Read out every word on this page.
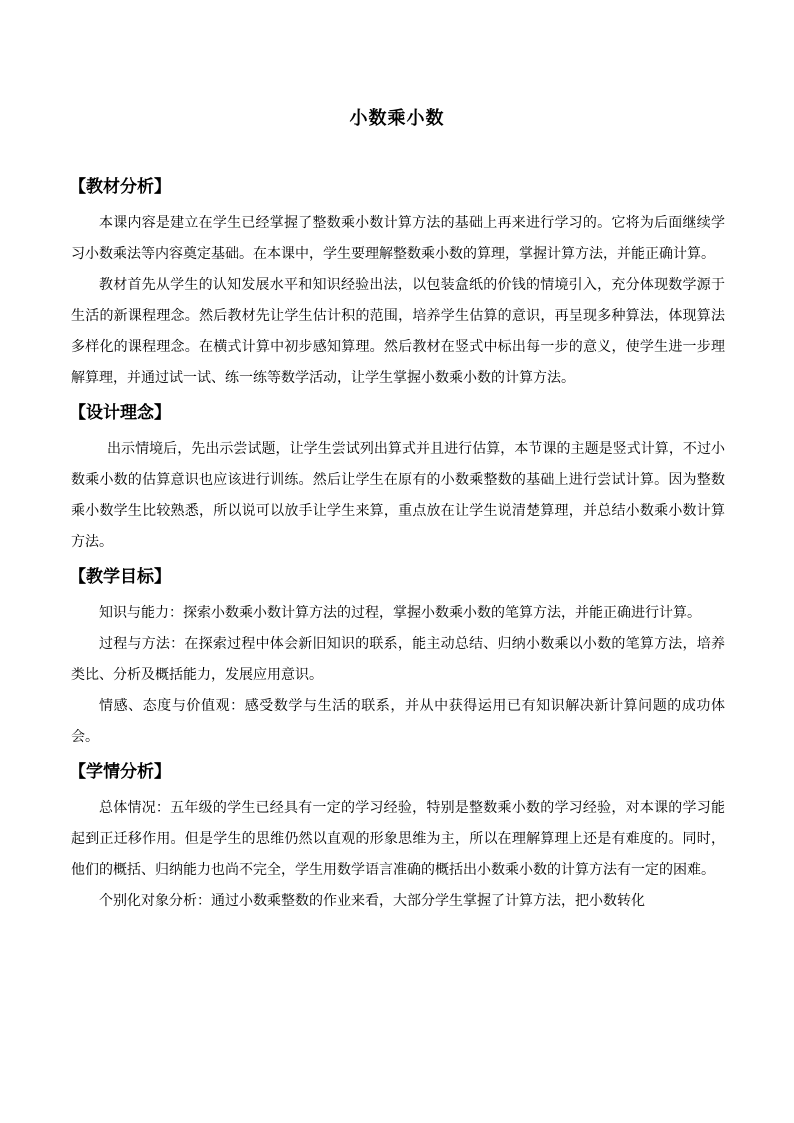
小数乘小数
【教材分析】

本课内容是建立在学生已经掌握了整数乘小数计算方法的基础上再来进行学习的。它将为后面继续学习小数乘法等内容奠定基础。在本课中，学生要理解整数乘小数的算理，掌握计算方法，并能正确计算。

教材首先从学生的认知发展水平和知识经验出法，以包装盒纸的价钱的情境引入，充分体现数学源于生活的新课程理念。然后教材先让学生估计积的范围，培养学生估算的意识，再呈现多种算法，体现算法多样化的课程理念。在横式计算中初步感知算理。然后教材在竖式中标出每一步的意义，使学生进一步理解算理，并通过试一试、练一练等数学活动，让学生掌握小数乘小数的计算方法。

【设计理念】

出示情境后，先出示尝试题，让学生尝试列出算式并且进行估算，本节课的主题是竖式计算，不过小数乘小数的估算意识也应该进行训练。然后让学生在原有的小数乘整数的基础上进行尝试计算。因为整数乘小数学生比较熟悉，所以说可以放手让学生来算，重点放在让学生说清楚算理，并总结小数乘小数计算方法。

【教学目标】

知识与能力：探索小数乘小数计算方法的过程，掌握小数乘小数的笔算方法，并能正确进行计算。

过程与方法：在探索过程中体会新旧知识的联系，能主动总结、归纳小数乘以小数的笔算方法，培养类比、分析及概括能力，发展应用意识。

情感、态度与价值观：感受数学与生活的联系，并从中获得运用已有知识解决新计算问题的成功体会。

【学情分析】

总体情况：五年级的学生已经具有一定的学习经验，特别是整数乘小数的学习经验，对本课的学习能起到正迁移作用。但是学生的思维仍然以直观的形象思维为主，所以在理解算理上还是有难度的。同时，他们的概括、归纳能力也尚不完全，学生用数学语言准确的概括出小数乘小数的计算方法有一定的困难。

个别化对象分析：通过小数乘整数的作业来看，大部分学生掌握了计算方法，把小数转化
